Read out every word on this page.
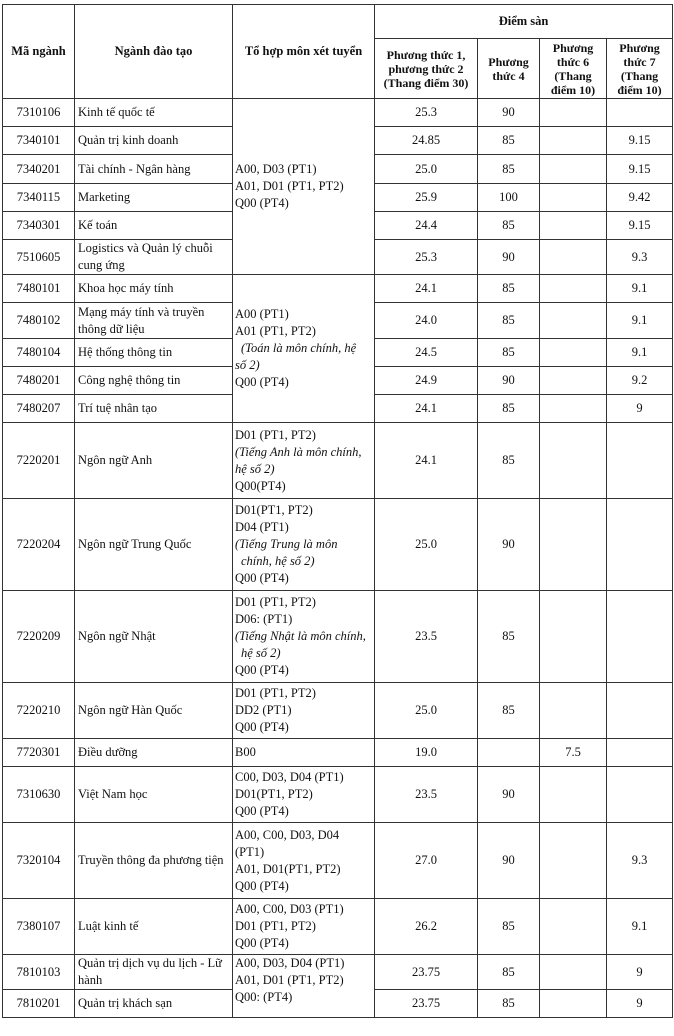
Mã ngành	Ngành đào tạo	Tổ hợp môn xét tuyển	Điểm sàn			
			Phương thức 1, phương thức 2 (Thang điểm 30)	Phương thức 4	Phương thức 6 (Thang điểm 10)	Phương thức 7 (Thang điểm 10)
7310106	Kinh tế quốc tế	A00, D03 (PT1)
A01, D01 (PT1, PT2)
Q00 (PT4)	25.3	90		
7340101	Quản trị kinh doanh		24.85	85		9.15
7340201	Tài chính - Ngân hàng		25.0	85		9.15
7340115	Marketing		25.9	100		9.42
7340301	Kế toán		24.4	85		9.15
7510605	Logistics và Quản lý chuỗi cung ứng		25.3	90		9.3
7480101	Khoa học máy tính	A00 (PT1)
A01 (PT1, PT2)
(Toán là môn chính, hệ
số 2)
Q00 (PT4)	24.1	85		9.1
7480102	Mạng máy tính và truyền thông dữ liệu		24.0	85		9.1
7480104	Hệ thống thông tin		24.5	85		9.1
7480201	Công nghệ thông tin		24.9	90		9.2
7480207	Trí tuệ nhân tạo		24.1	85		9
7220201	Ngôn ngữ Anh	D01 (PT1, PT2)
(Tiếng Anh là môn chính,
hệ số 2)
Q00(PT4)	24.1	85		
7220204	Ngôn ngữ Trung Quốc	D01(PT1, PT2)
D04 (PT1)
(Tiếng Trung là môn
chính, hệ số 2)
Q00 (PT4)	25.0	90		
7220209	Ngôn ngữ Nhật	D01 (PT1, PT2)
D06: (PT1)
(Tiếng Nhật là môn chính,
hệ số 2)
Q00 (PT4)	23.5	85		
7220210	Ngôn ngữ Hàn Quốc	D01 (PT1, PT2)
DD2 (PT1)
Q00 (PT4)	25.0	85		
7720301	Điều dưỡng	B00	19.0		7.5	
7310630	Việt Nam học	C00, D03, D04 (PT1)
D01(PT1, PT2)
Q00 (PT4)	23.5	90		
7320104	Truyền thông đa phương tiện	A00, C00, D03, D04
(PT1)
A01, D01(PT1, PT2)
Q00 (PT4)	27.0	90		9.3
7380107	Luật kinh tế	A00, C00, D03 (PT1)
D01 (PT1, PT2)
Q00 (PT4)	26.2	85		9.1
7810103	Quản trị dịch vụ du lịch - Lữ hành	A00, D03, D04 (PT1)
A01, D01 (PT1, PT2)
Q00: (PT4)	23.75	85		9
7810201	Quản trị khách sạn		23.75	85		9
